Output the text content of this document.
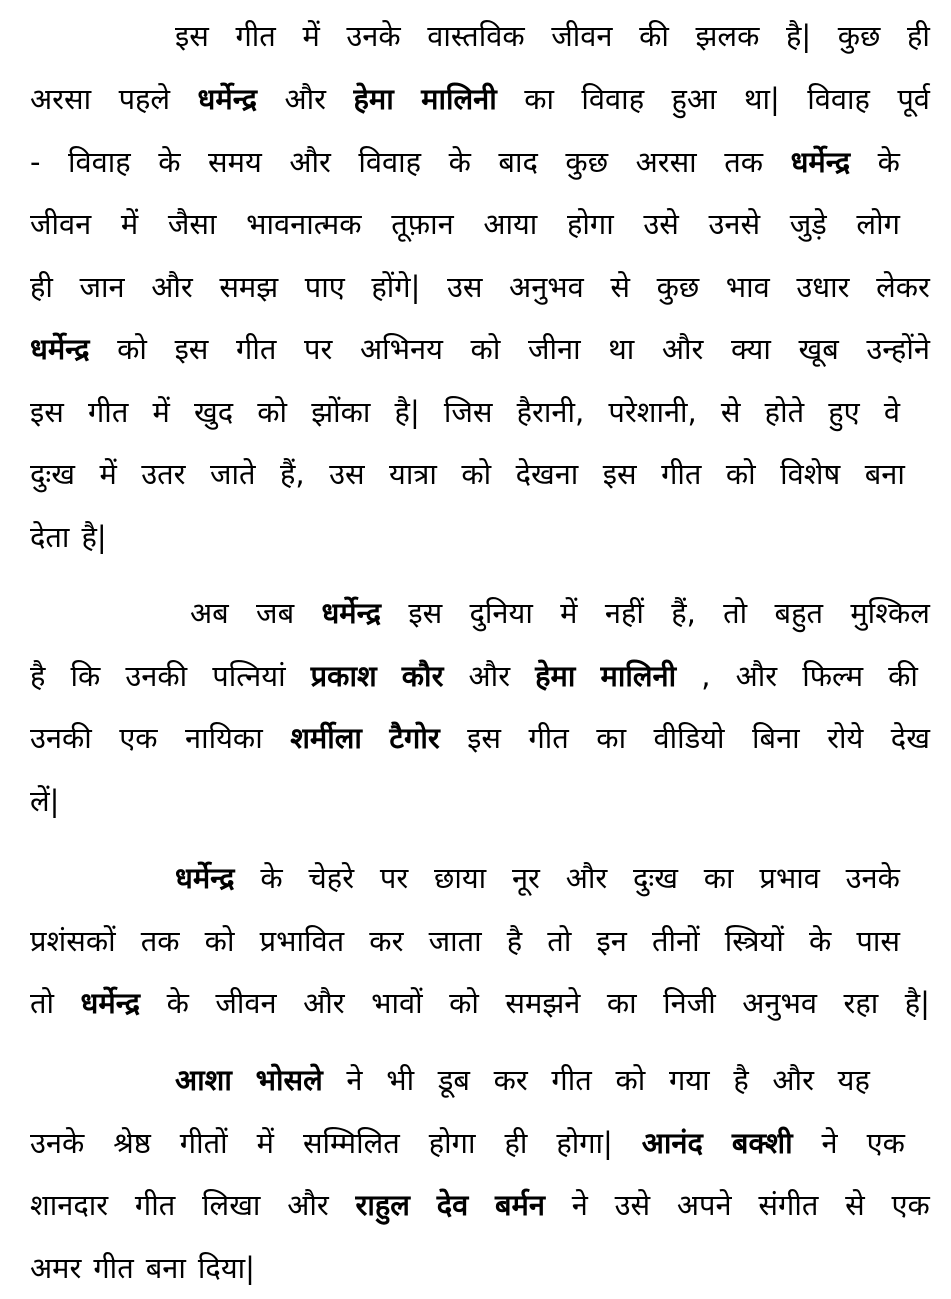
इस गीत में उनके वास्तविक जीवन की झलक है| कुछ ही
अरसा पहले धर्मेन्द्र और हेमा मालिनी का विवाह हुआ था| विवाह पूर्व
- विवाह के समय और विवाह के बाद कुछ अरसा तक धर्मेन्द्र के
जीवन में जैसा भावनात्मक तूफ़ान आया होगा उसे उनसे जुड़े लोग
ही जान और समझ पाए होंगे| उस अनुभव से कुछ भाव उधार लेकर
धर्मेन्द्र को इस गीत पर अभिनय को जीना था और क्या खूब उन्होंने
इस गीत में खुद को झोंका है| जिस हैरानी, परेशानी, से होते हुए वे
दुःख में उतर जाते हैं, उस यात्रा को देखना इस गीत को विशेष बना
देता है|
अब जब धर्मेन्द्र इस दुनिया में नहीं हैं, तो बहुत मुश्किल
है कि उनकी पत्नियां प्रकाश कौर और हेमा मालिनी , और फिल्म की
उनकी एक नायिका शर्मीला टैगोर इस गीत का वीडियो बिना रोये देख
लें|
धर्मेन्द्र के चेहरे पर छाया नूर और दुःख का प्रभाव उनके
प्रशंसकों तक को प्रभावित कर जाता है तो इन तीनों स्त्रियों के पास
तो धर्मेन्द्र के जीवन और भावों को समझने का निजी अनुभव रहा है|
आशा भोसले ने भी डूब कर गीत को गया है और यह
उनके श्रेष्ठ गीतों में सम्मिलित होगा ही होगा| आनंद बक्शी ने एक
शानदार गीत लिखा और राहुल देव बर्मन ने उसे अपने संगीत से एक
अमर गीत बना दिया|
